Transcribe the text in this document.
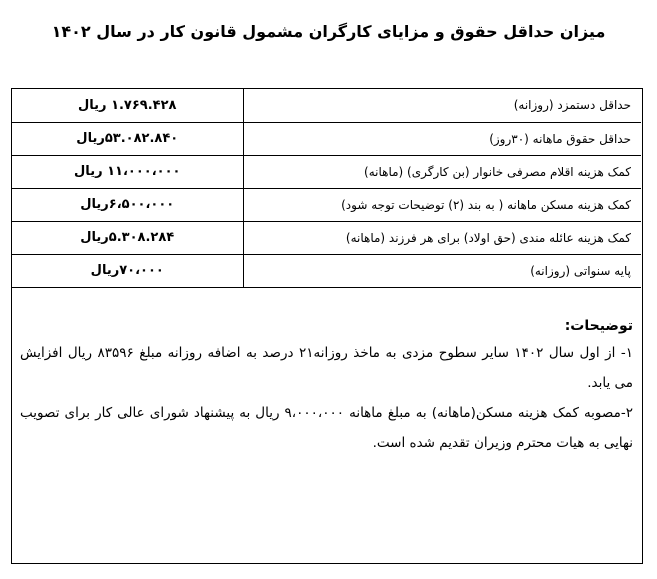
میزان حداقل حقوق و مزایای کارگران مشمول قانون کار در سال ۱۴۰۲
حداقل دستمزد (روزانه)	۱.۷۶۹.۴۲۸ ریال
حداقل حقوق ماهانه (۳۰روز)	۵۳.۰۸۲.۸۴۰ریال
کمک هزینه اقلام مصرفی خانوار (بن کارگری) (ماهانه)	۱۱،۰۰۰،۰۰۰ ریال
کمک هزینه مسکن ماهانه ( به بند (۲) توضیحات توجه شود)	۶،۵۰۰،۰۰۰ریال
کمک هزینه عائله مندی (حق اولاد) برای هر فرزند (ماهانه)	۵.۳۰۸.۲۸۴ریال
پایه سنواتی (روزانه)	۷۰،۰۰۰ریال
توضیحات:

۱- از اول سال ۱۴۰۲ سایر سطوح مزدی به ماخذ روزانه۲۱ درصد به اضافه روزانه مبلغ ۸۳۵۹۶ ریال افزایش می یابد.

۲-مصوبه کمک هزینه مسکن(ماهانه) به مبلغ ماهانه ۹،۰۰۰،۰۰۰ ریال به پیشنهاد شورای عالی کار برای تصویب نهایی به هیات محترم وزیران تقدیم شده است.
